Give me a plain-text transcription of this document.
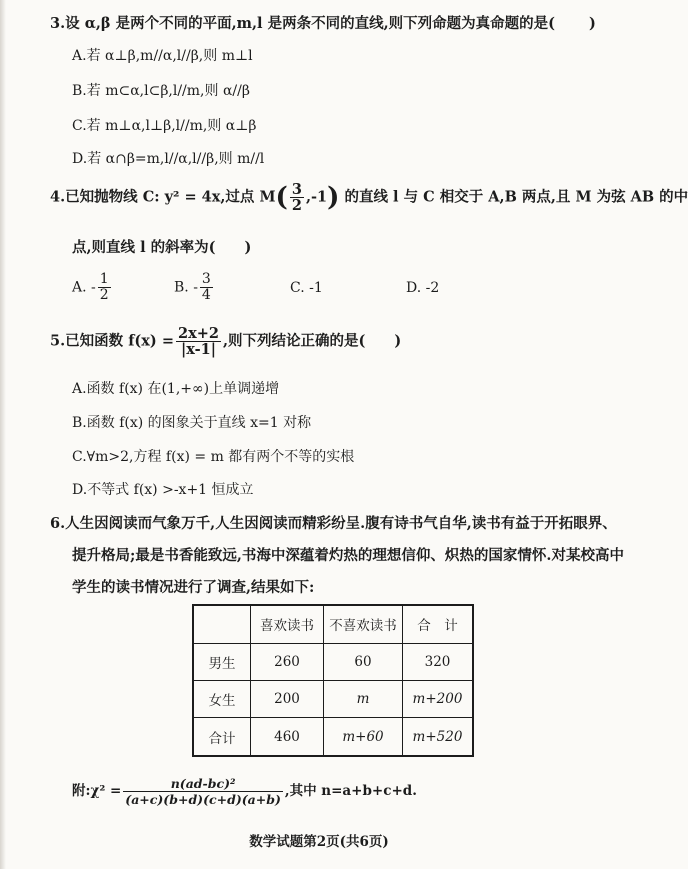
3.设 α,β 是两个不同的平面,m,l 是两条不同的直线,则下列命题为真命题的是( )
A.若 α⊥β,m//α,l//β,则 m⊥l
B.若 m⊂α,l⊂β,l//m,则 α//β
C.若 m⊥α,l⊥β,l//m,则 α⊥β
D.若 α∩β=m,l//α,l//β,则 m//l
4.已知抛物线 C: y² = 4x,过点 $M( \frac{3}{2} ,-1)$ 的直线 l 与 C 相交于 A,B 两点,且 M 为弦 AB 的中
点,则直线 l 的斜率为(　　)
A. - $\frac{1}{2}$	B. - $\frac{3}{4}$	C. -1	D. -2
5.已知函数 $f(x) = \frac{2x+2}{|x-1|}$ ,则下列结论正确的是(　　)
A.函数 f(x) 在(1,+∞)上单调递增
B.函数 f(x) 的图象关于直线 x=1 对称
C.∀m>2,方程 f(x) = m 都有两个不等的实根
D.不等式 f(x) >-x+1 恒成立
6.人生因阅读而气象万千,人生因阅读而精彩纷呈.腹有诗书气自华,读书有益于开拓眼界、
提升格局;最是书香能致远,书海中深蕴着灼热的理想信仰、炽热的国家情怀.对某校高中
学生的读书情况进行了调查,结果如下:
	喜欢读书	不喜欢读书	合　计
男生	260	60	320
女生	200	m	m+200
合计	460	m+60	m+520
附:χ² = $\frac{\text{n(ad-bc)²}}{(a+c)(b+d)(c+d)(a+b)}$ ,其中 n=a+b+c+d.
数学试题第2页(共6页)
